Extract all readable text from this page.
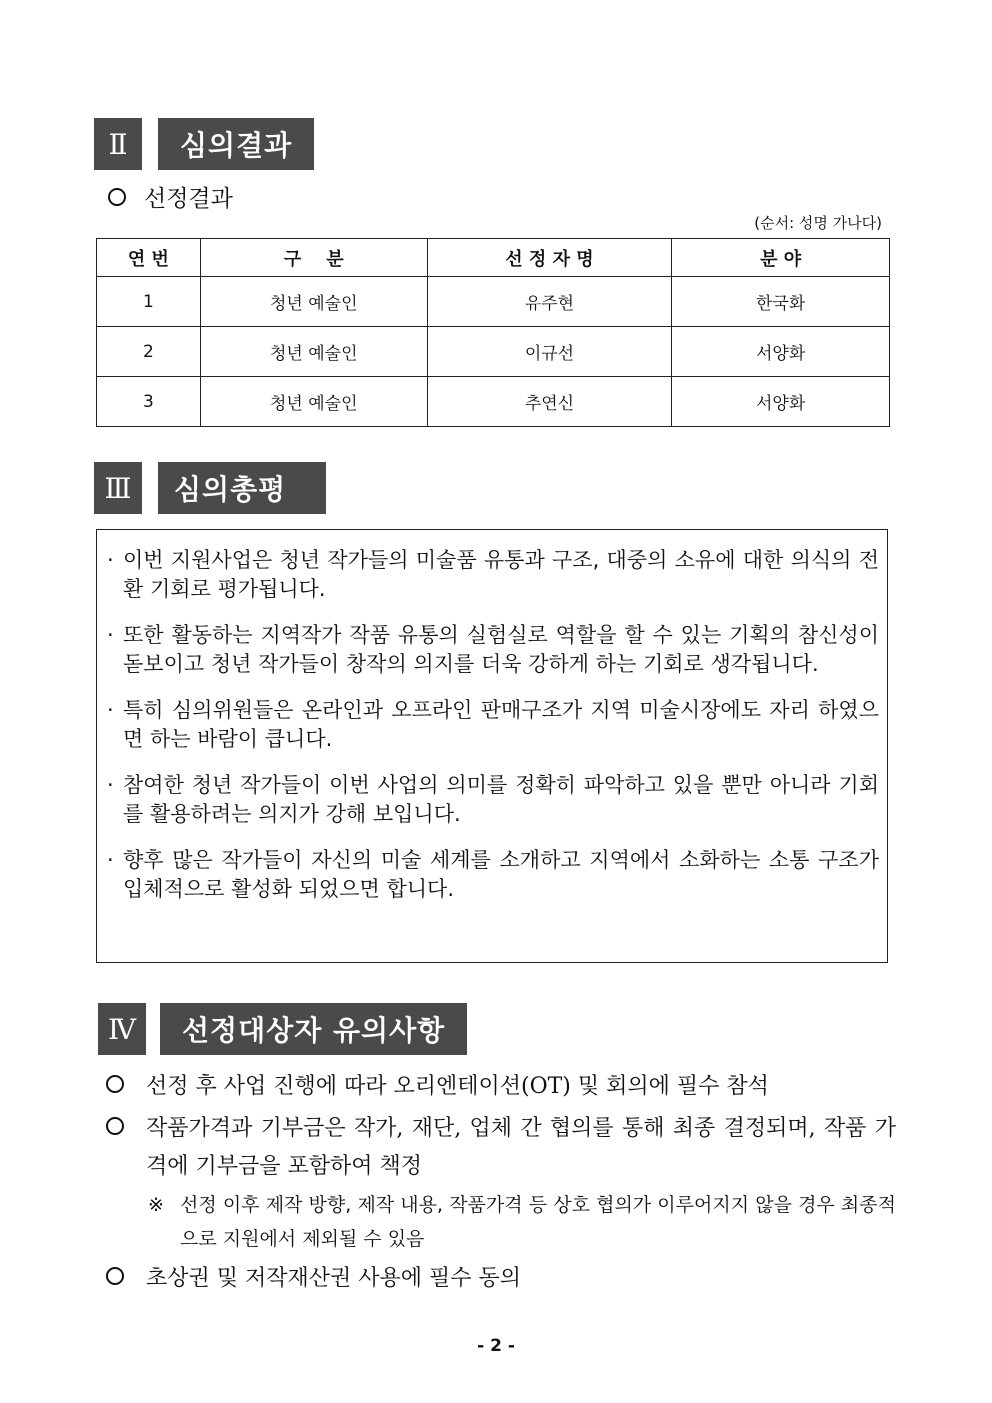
Ⅱ	심의결과
선정결과
(순서: 성명 가나다)
연 번	구    분	선 정 자 명	분 야
1	청년 예술인	유주현	한국화
2	청년 예술인	이규선	서양화
3	청년 예술인	추연신	서양화
Ⅲ	심의총평
· 이번 지원사업은 청년 작가들의 미술품 유통과 구조, 대중의 소유에 대한 의식의 전환 기회로 평가됩니다.
· 또한 활동하는 지역작가 작품 유통의 실험실로 역할을 할 수 있는 기획의 참신성이 돋보이고 청년 작가들이 창작의 의지를 더욱 강하게 하는 기회로 생각됩니다.
· 특히 심의위원들은 온라인과 오프라인 판매구조가 지역 미술시장에도 자리 하였으면 하는 바람이 큽니다.
· 참여한 청년 작가들이 이번 사업의 의미를 정확히 파악하고 있을 뿐만 아니라 기회를 활용하려는 의지가 강해 보입니다.
· 향후 많은 작가들이 자신의 미술 세계를 소개하고 지역에서 소화하는 소통 구조가 입체적으로 활성화 되었으면 합니다.
Ⅳ	선정대상자 유의사항
선정 후 사업 진행에 따라 오리엔테이션(OT) 및 회의에 필수 참석
작품가격과 기부금은 작가, 재단, 업체 간 협의를 통해 최종 결정되며, 작품 가격에 기부금을 포함하여 책정
※ 선정 이후 제작 방향, 제작 내용, 작품가격 등 상호 협의가 이루어지지 않을 경우 최종적으로 지원에서 제외될 수 있음
초상권 및 저작재산권 사용에 필수 동의
- 2 -
